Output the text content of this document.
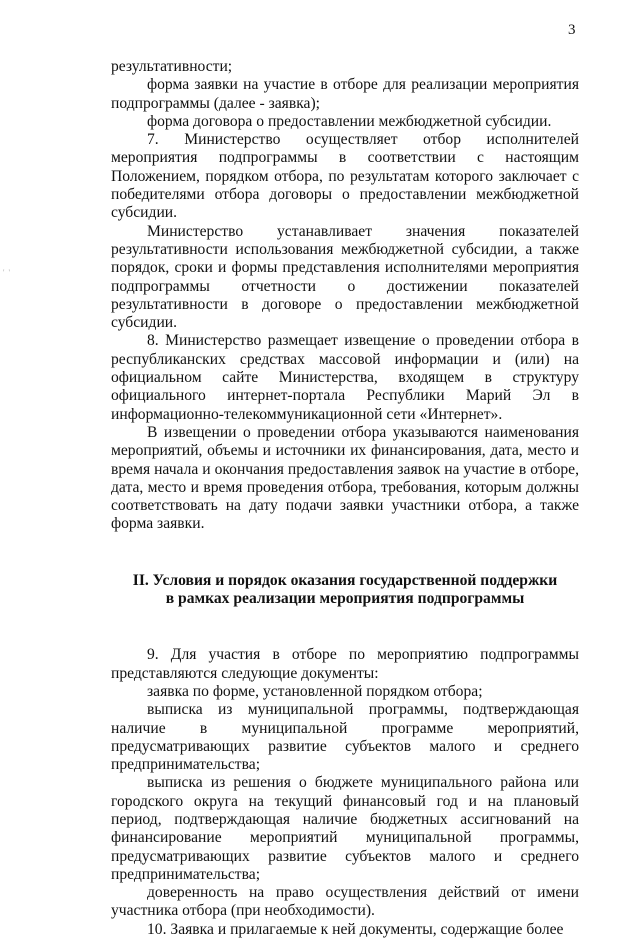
3
' '

результативности;

форма заявки на участие в отборе для реализации мероприятия подпрограммы (далее - заявка);

форма договора о предоставлении межбюджетной субсидии.

7. Министерство осуществляет отбор исполнителей мероприятия подпрограммы в соответствии с настоящим Положением, порядком отбора, по результатам которого заключает с победителями отбора договоры о предоставлении межбюджетной субсидии.

Министерство устанавливает значения показателей результативности использования межбюджетной субсидии, а также порядок, сроки и формы представления исполнителями мероприятия подпрограммы отчетности о достижении показателей результативности в договоре о предоставлении межбюджетной субсидии.

8. Министерство размещает извещение о проведении отбора в республиканских средствах массовой информации и (или) на официальном сайте Министерства, входящем в структуру официального интернет-портала Республики Марий Эл в информационно-телекоммуникационной сети «Интернет».

В извещении о проведении отбора указываются наименования мероприятий, объемы и источники их финансирования, дата, место и время начала и окончания предоставления заявок на участие в отборе, дата, место и время проведения отбора, требования, которым должны соответствовать на дату подачи заявки участники отбора, а также форма заявки.

II. Условия и порядок оказания государственной поддержки
в рамках реализации мероприятия подпрограммы

9. Для участия в отборе по мероприятию подпрограммы представляются следующие документы:

заявка по форме, установленной порядком отбора;

выписка из муниципальной программы, подтверждающая наличие в муниципальной программе мероприятий, предусматривающих развитие субъектов малого и среднего предпринимательства;

выписка из решения о бюджете муниципального района или городского округа на текущий финансовый год и на плановый период, подтверждающая наличие бюджетных ассигнований на финансирование мероприятий муниципальной программы, предусматривающих развитие субъектов малого и среднего предпринимательства;

доверенность на право осуществления действий от имени участника отбора (при необходимости).

10. Заявка и прилагаемые к ней документы, содержащие более
